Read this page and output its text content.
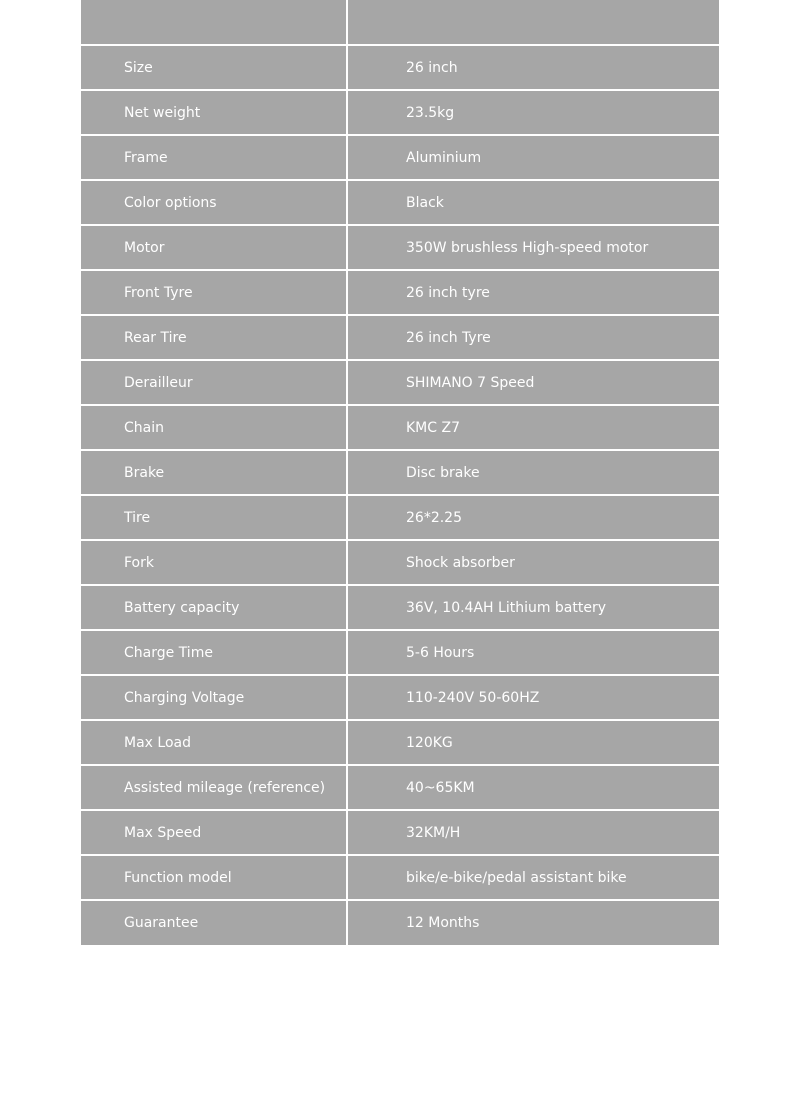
Size	26 inch
Net weight	23.5kg
Frame	Aluminium
Color options	Black
Motor	350W brushless High-speed motor
Front Tyre	26 inch tyre
Rear Tire	26 inch Tyre
Derailleur	SHIMANO 7 Speed
Chain	KMC Z7
Brake	Disc brake
Tire	26*2.25
Fork	Shock absorber
Battery capacity	36V, 10.4AH Lithium battery
Charge Time	5-6 Hours
Charging Voltage	110-240V 50-60HZ
Max Load	120KG
Assisted mileage (reference)	40~65KM
Max Speed	32KM/H
Function model	bike/e-bike/pedal assistant bike
Guarantee	12 Months
